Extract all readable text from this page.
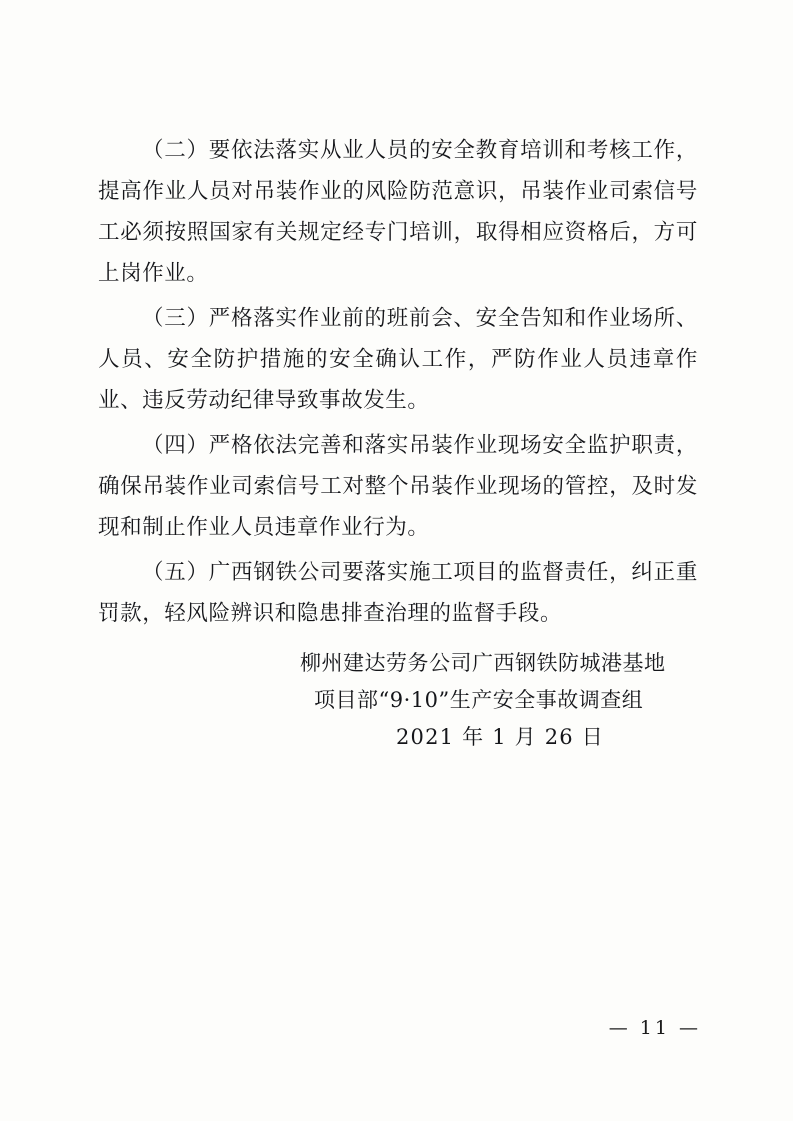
（二）要依法落实从业人员的安全教育培训和考核工作，提高作业人员对吊装作业的风险防范意识，吊装作业司索信号工必须按照国家有关规定经专门培训，取得相应资格后，方可上岗作业。

（三）严格落实作业前的班前会、安全告知和作业场所、人员、安全防护措施的安全确认工作，严防作业人员违章作业、违反劳动纪律导致事故发生。

（四）严格依法完善和落实吊装作业现场安全监护职责，确保吊装作业司索信号工对整个吊装作业现场的管控，及时发现和制止作业人员违章作业行为。

（五）广西钢铁公司要落实施工项目的监督责任，纠正重罚款，轻风险辨识和隐患排查治理的监督手段。

柳州建达劳务公司广西钢铁防城港基地
项目部“9·10”生产安全事故调查组
2021 年 1 月 26 日
— 11 —
